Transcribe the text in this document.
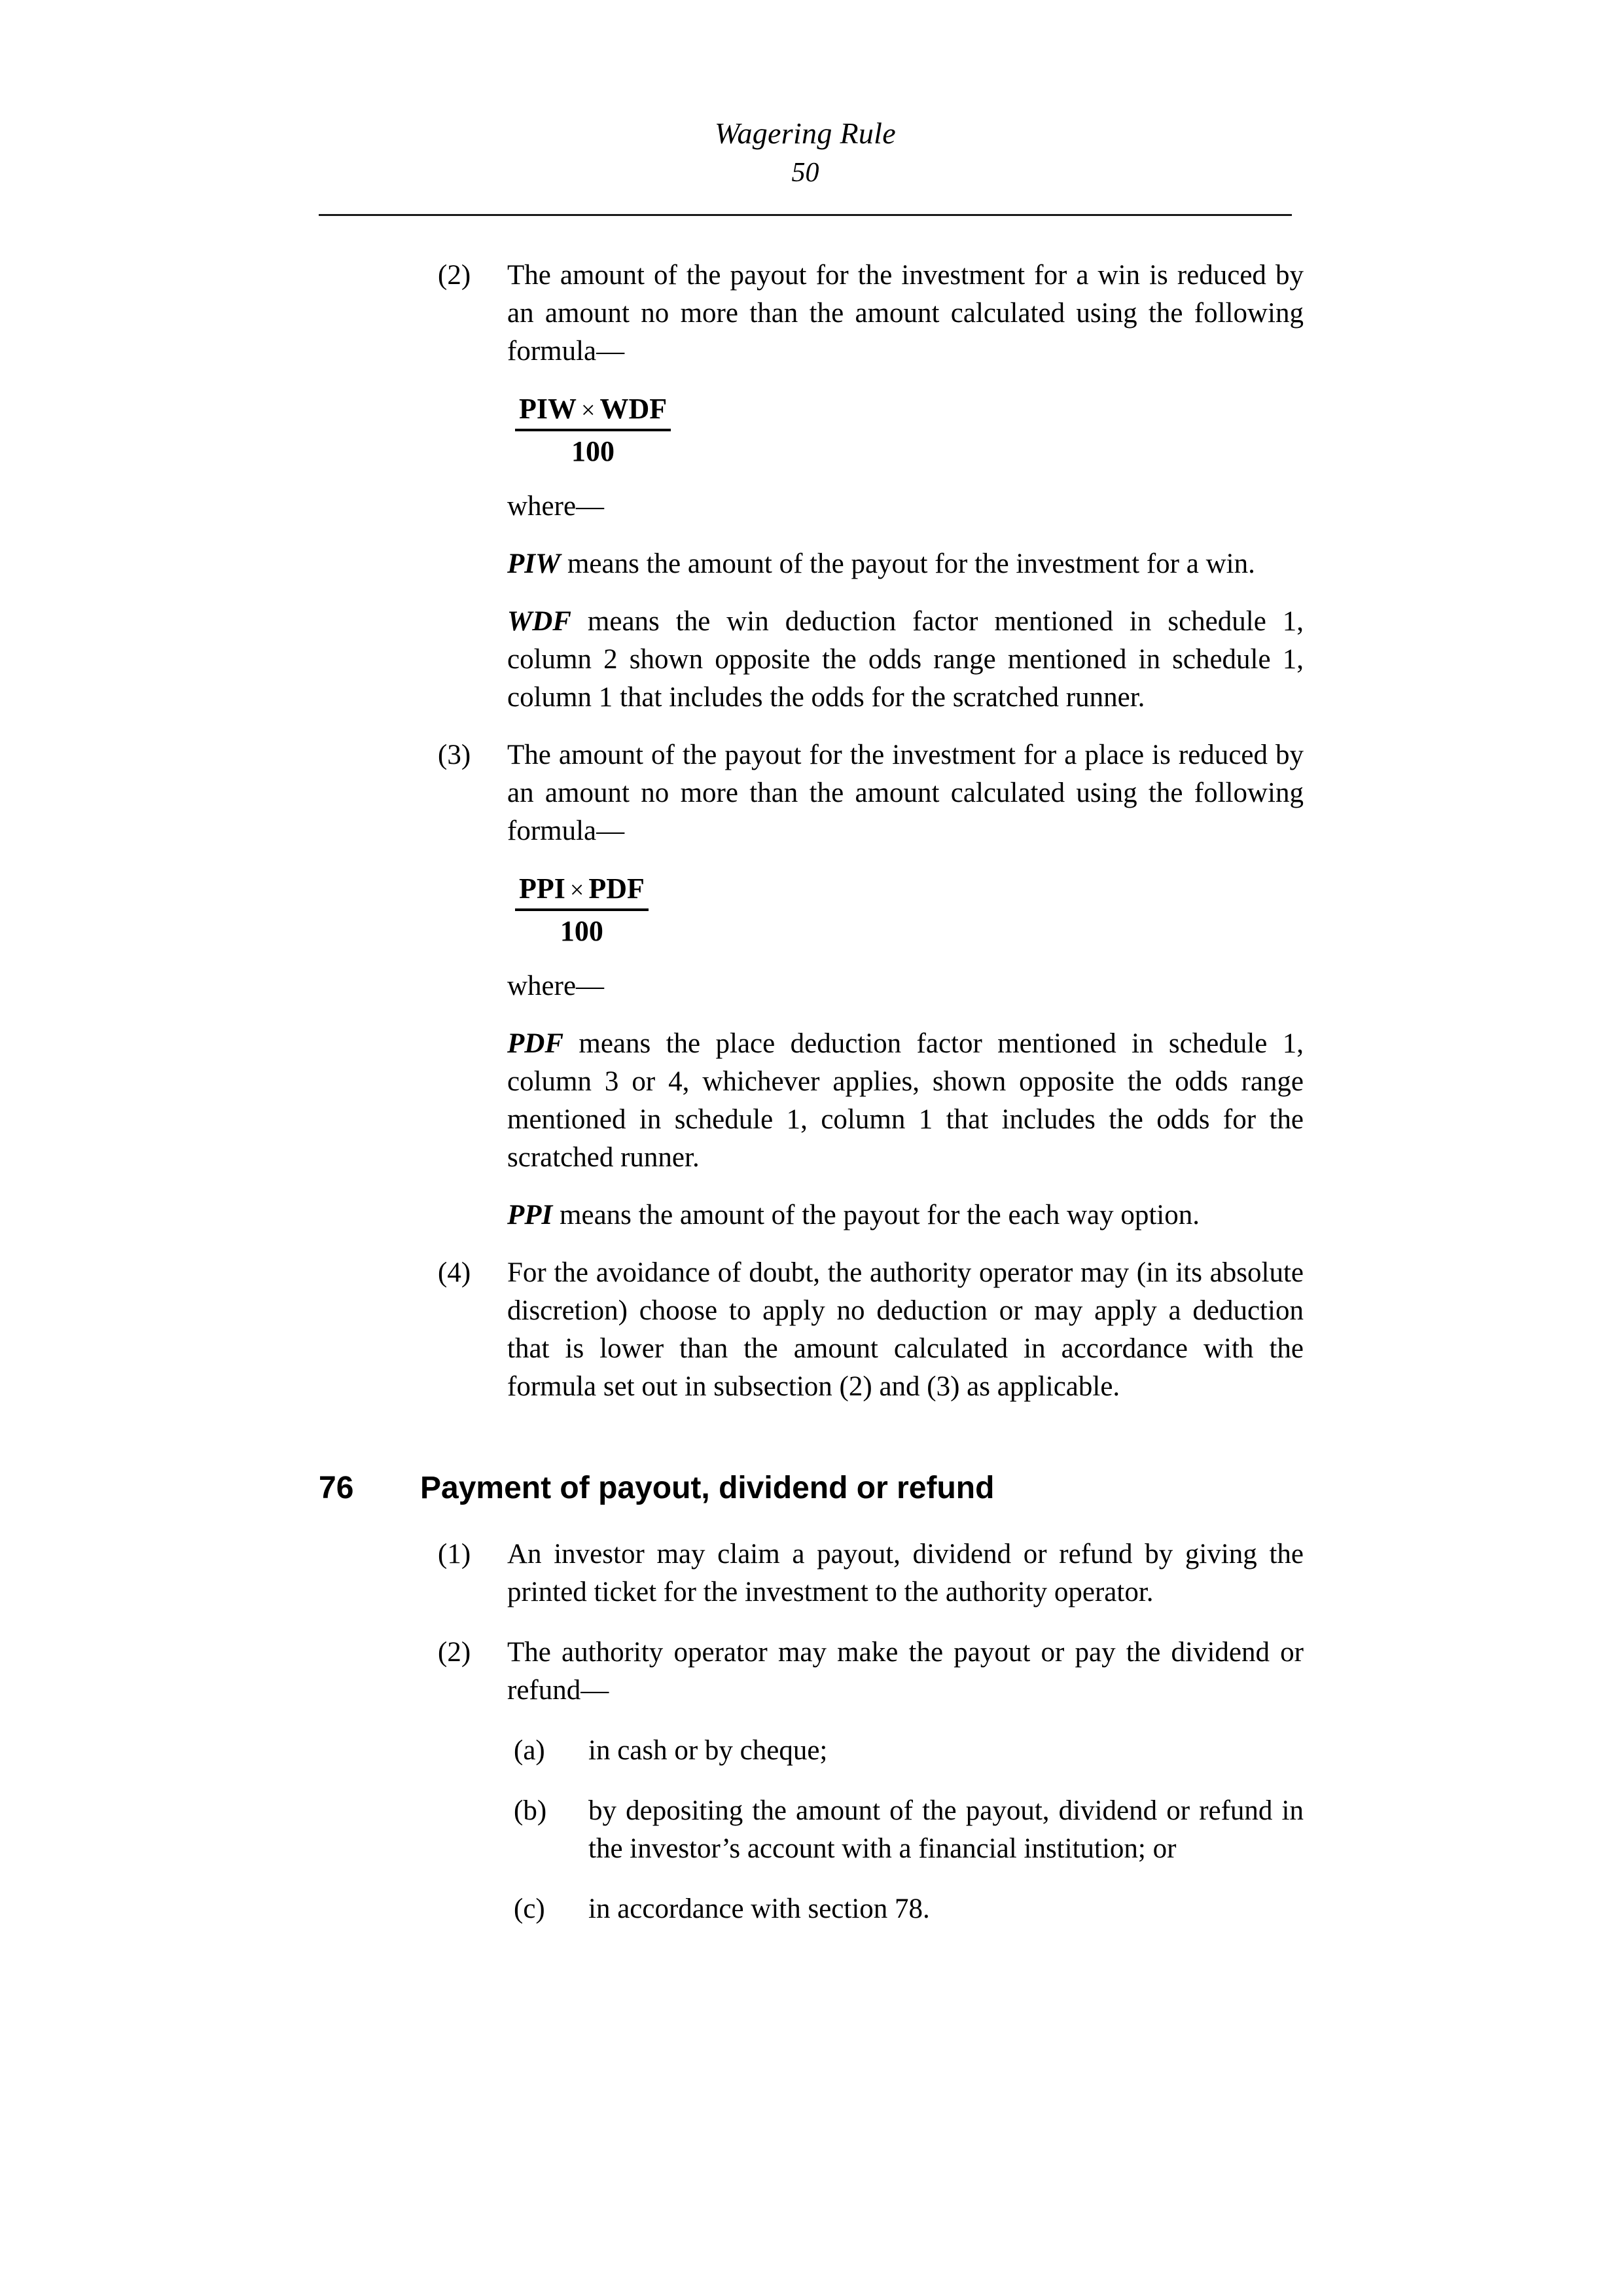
Wagering Rule
50
(2)	The amount of the payout for the investment for a win is reduced by an amount no more than the amount calculated using the following formula—
$\frac{\text{PIW × WDF}}{100}$
where—
PIW means the amount of the payout for the investment for a win.
WDF means the win deduction factor mentioned in schedule 1, column 2 shown opposite the odds range mentioned in schedule 1, column 1 that includes the odds for the scratched runner.
(3)	The amount of the payout for the investment for a place is reduced by an amount no more than the amount calculated using the following formula—
$\frac{\text{PPI × PDF}}{100}$
where—
PDF means the place deduction factor mentioned in schedule 1, column 3 or 4, whichever applies, shown opposite the odds range mentioned in schedule 1, column 1 that includes the odds for the scratched runner.
PPI means the amount of the payout for the each way option.
(4)	For the avoidance of doubt, the authority operator may (in its absolute discretion) choose to apply no deduction or may apply a deduction that is lower than the amount calculated in accordance with the formula set out in subsection (2) and (3) as applicable.
76 Payment of payout, dividend or refund
(1)	An investor may claim a payout, dividend or refund by giving the printed ticket for the investment to the authority operator.
(2)	The authority operator may make the payout or pay the dividend or refund—
(a)	in cash or by cheque;
(b)	by depositing the amount of the payout, dividend or refund in the investor’s account with a financial institution; or
(c)	in accordance with section 78.
